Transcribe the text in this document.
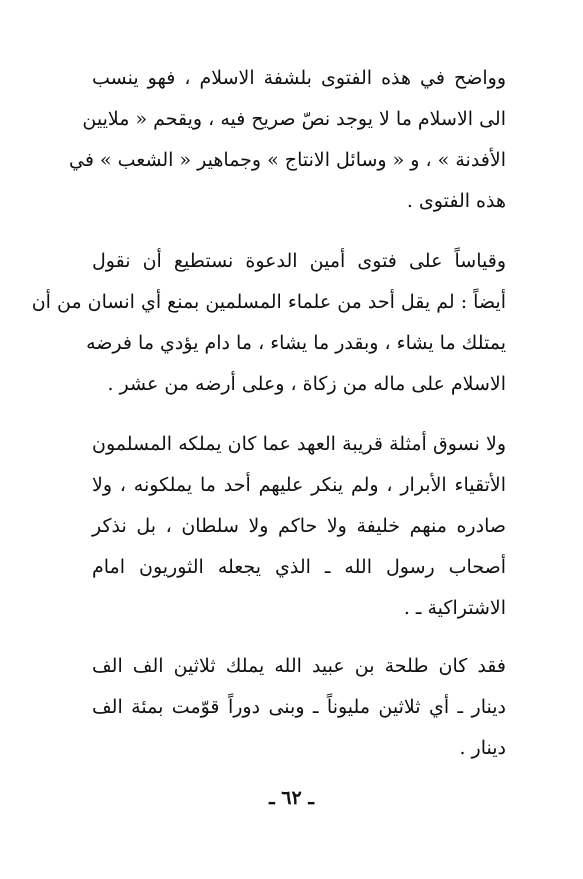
وواضح في هذه الفتوى بلشفة الاسلام ، فهو ينسب
الى الاسلام ما لا يوجد نصّ صريح فيه ، ويقحم « ملايين
الأفدنة » ، و « وسائل الانتاج » وجماهير « الشعب » في
هذه الفتوى .
وقياساً على فتوى أمين الدعوة نستطيع أن نقول
أيضاً : لم يقل أحد من علماء المسلمين بمنع أي انسان من أن
يمتلك ما يشاء ، وبقدر ما يشاء ، ما دام يؤدي ما فرضه
الاسلام على ماله من زكاة ، وعلى أرضه من عشر .
ولا نسوق أمثلة قريبة العهد عما كان يملكه المسلمون
الأتقياء الأبرار ، ولم ينكر عليهم أحد ما يملكونه ، ولا
صادره منهم خليفة ولا حاكم ولا سلطان ، بل نذكر
أصحاب رسول الله ـ الذي يجعله الثوريون امام
الاشتراكية ـ .
فقد كان طلحة بن عبيد الله يملك ثلاثين الف الف
دينار ـ أي ثلاثين مليوناً ـ وبنى دوراً قوّمت بمئة الف
دينار .
ـ ٦٢ ـ
